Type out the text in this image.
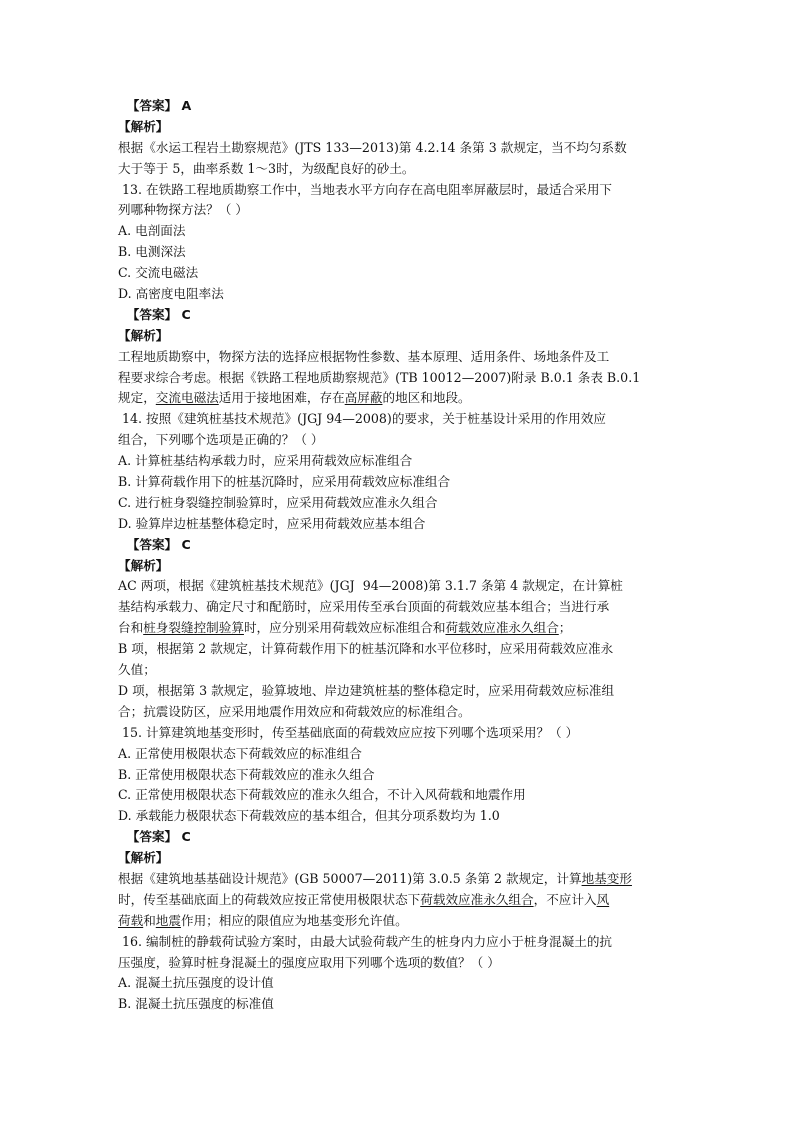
【答案】 A
【解析】
根据《水运工程岩土勘察规范》(JTS 133—2013)第 4.2.14 条第 3 款规定，当不均匀系数
大于等于 5，曲率系数 1～3时，为级配良好的砂土。
13. 在铁路工程地质勘察工作中，当地表水平方向存在高电阻率屏蔽层时，最适合采用下
列哪种物探方法？（ ）
A. 电剖面法
B. 电测深法
C. 交流电磁法
D. 高密度电阻率法
【答案】 C
【解析】
工程地质勘察中，物探方法的选择应根据物性参数、基本原理、适用条件、场地条件及工
程要求综合考虑。根据《铁路工程地质勘察规范》(TB 10012—2007)附录 B.0.1 条表 B.0.1
规定，交流电磁法适用于接地困难，存在高屏蔽的地区和地段。
14. 按照《建筑桩基技术规范》(JGJ 94—2008)的要求，关于桩基设计采用的作用效应
组合，下列哪个选项是正确的？（ ）
A. 计算桩基结构承载力时，应采用荷载效应标准组合
B. 计算荷载作用下的桩基沉降时，应采用荷载效应标准组合
C. 进行桩身裂缝控制验算时，应采用荷载效应准永久组合
D. 验算岸边桩基整体稳定时，应采用荷载效应基本组合
【答案】 C
【解析】
AC 两项，根据《建筑桩基技术规范》(JGJ  94—2008)第 3.1.7 条第 4 款规定，在计算桩
基结构承载力、确定尺寸和配筋时，应采用传至承台顶面的荷载效应基本组合；当进行承
台和桩身裂缝控制验算时，应分别采用荷载效应标准组合和荷载效应准永久组合；
B 项，根据第 2 款规定，计算荷载作用下的桩基沉降和水平位移时，应采用荷载效应准永
久值；
D 项，根据第 3 款规定，验算坡地、岸边建筑桩基的整体稳定时，应采用荷载效应标准组
合；抗震设防区，应采用地震作用效应和荷载效应的标准组合。
15. 计算建筑地基变形时，传至基础底面的荷载效应应按下列哪个选项采用？（ ）
A. 正常使用极限状态下荷载效应的标准组合
B. 正常使用极限状态下荷载效应的准永久组合
C. 正常使用极限状态下荷载效应的准永久组合，不计入风荷载和地震作用
D. 承载能力极限状态下荷载效应的基本组合，但其分项系数均为 1.0
【答案】 C
【解析】
根据《建筑地基基础设计规范》(GB 50007—2011)第 3.0.5 条第 2 款规定，计算地基变形
时，传至基础底面上的荷载效应按正常使用极限状态下荷载效应准永久组合，不应计入风
荷载和地震作用；相应的限值应为地基变形允许值。
16. 编制桩的静载荷试验方案时，由最大试验荷载产生的桩身内力应小于桩身混凝土的抗
压强度，验算时桩身混凝土的强度应取用下列哪个选项的数值？（ ）
A. 混凝土抗压强度的设计值
B. 混凝土抗压强度的标准值
